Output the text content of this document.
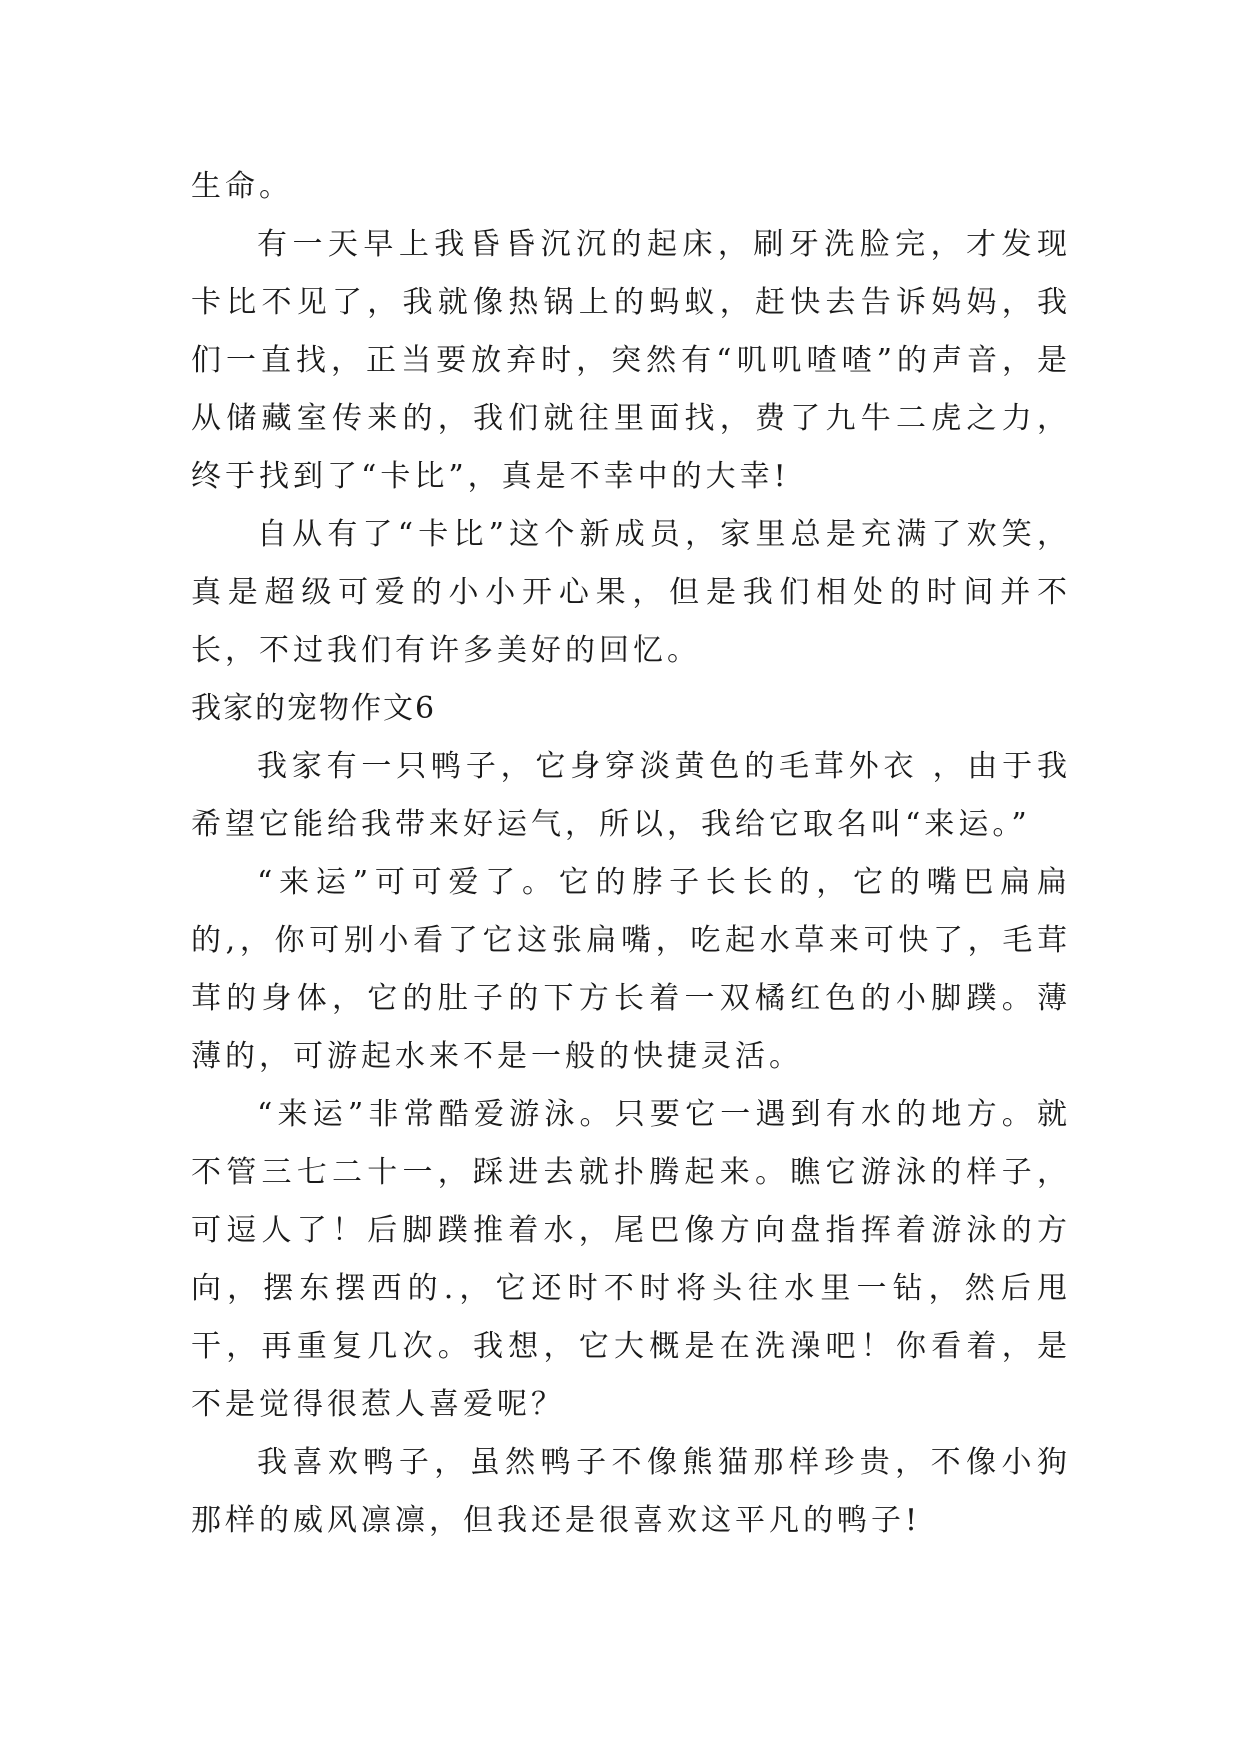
生命。

有一天早上我昏昏沉沉的起床，刷牙洗脸完，才发现卡比不见了，我就像热锅上的蚂蚁，赶快去告诉妈妈，我们一直找，正当要放弃时，突然有“叽叽喳喳”的声音，是从储藏室传来的，我们就往里面找，费了九牛二虎之力，终于找到了“卡比”，真是不幸中的大幸!

自从有了“卡比”这个新成员，家里总是充满了欢笑，真是超级可爱的小小开心果，但是我们相处的时间并不长，不过我们有许多美好的回忆。

我家的宠物作文6

我家有一只鸭子，它身穿淡黄色的毛茸外衣 ，由于我希望它能给我带来好运气，所以，我给它取名叫“来运。”

“来运”可可爱了。它的脖子长长的，它的嘴巴扁扁的,，你可别小看了它这张扁嘴，吃起水草来可快了，毛茸茸的身体，它的肚子的下方长着一双橘红色的小脚蹼。薄薄的，可游起水来不是一般的快捷灵活。

“来运”非常酷爱游泳。只要它一遇到有水的地方。就不管三七二十一，踩进去就扑腾起来。瞧它游泳的样子，可逗人了！后脚蹼推着水，尾巴像方向盘指挥着游泳的方向，摆东摆西的.，它还时不时将头往水里一钻，然后甩干，再重复几次。我想，它大概是在洗澡吧！你看着，是不是觉得很惹人喜爱呢？

我喜欢鸭子，虽然鸭子不像熊猫那样珍贵，不像小狗那样的威风凛凛，但我还是很喜欢这平凡的鸭子!
